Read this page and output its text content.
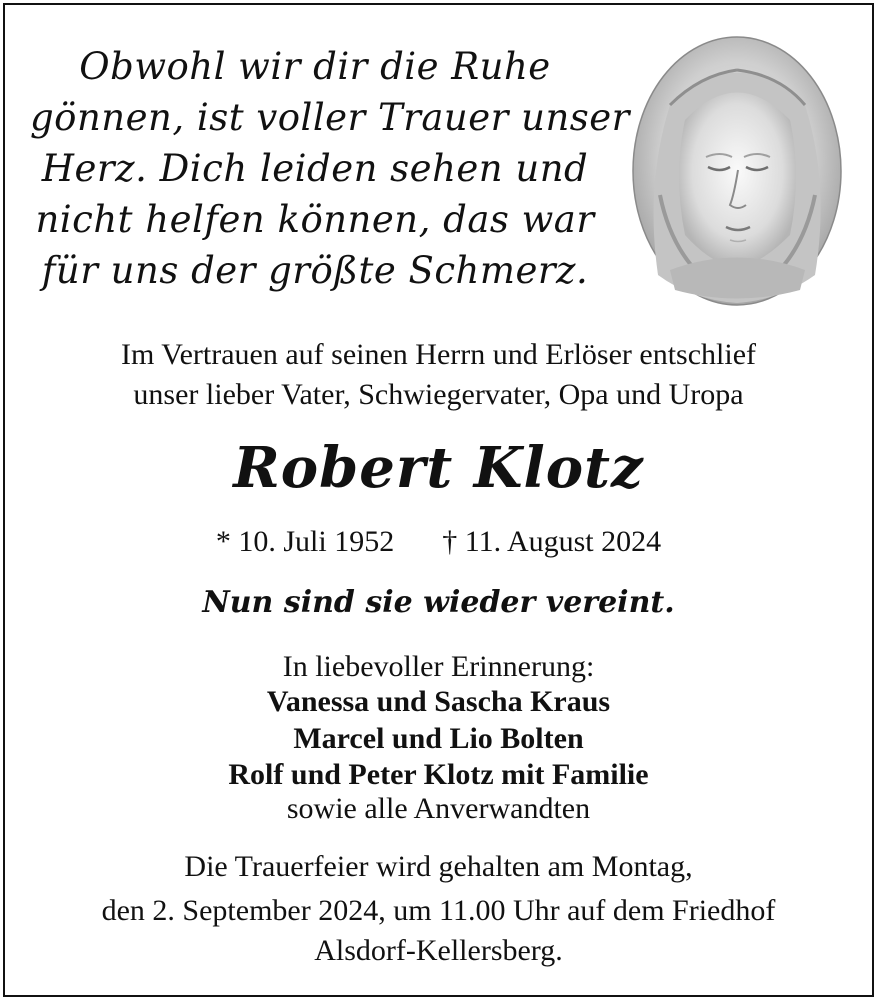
Obwohl wir dir die Ruhe
gönnen, ist voller Trauer unser
Herz. Dich leiden sehen und
nicht helfen können, das war
für uns der größte Schmerz.
Im Vertrauen auf seinen Herrn und Erlöser entschlief
unser lieber Vater, Schwiegervater, Opa und Uropa
Robert Klotz
* 10. Juli 1952 † 11. August 2024
Nun sind sie wieder vereint.
In liebevoller Erinnerung:
Vanessa und Sascha Kraus
Marcel und Lio Bolten
Rolf und Peter Klotz mit Familie
sowie alle Anverwandten
Die Trauerfeier wird gehalten am Montag,
den 2. September 2024, um 11.00 Uhr auf dem Friedhof
Alsdorf-Kellersberg.
